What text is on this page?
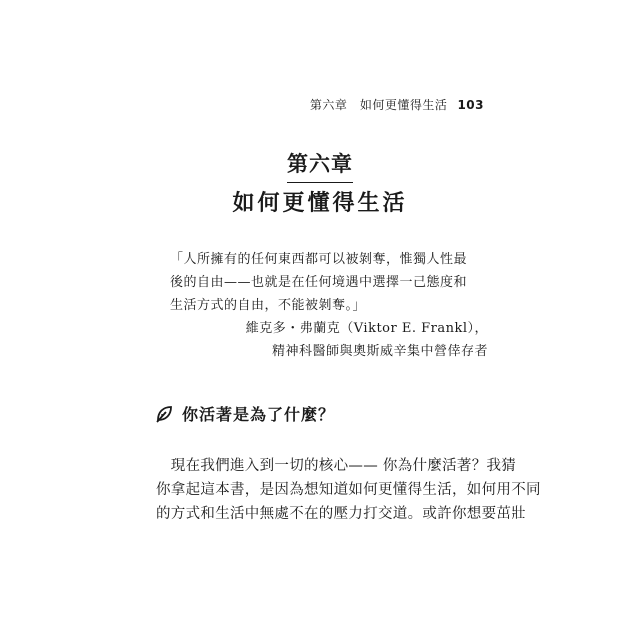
第六章　如何更懂得生活 103
第六章
如何更懂得生活
「人所擁有的任何東西都可以被剝奪，惟獨人性最
後的自由——也就是在任何境遇中選擇一己態度和
生活方式的自由，不能被剝奪。」
維克多・弗蘭克（Viktor E. Frankl），
精神科醫師與奧斯威辛集中營倖存者
你活著是為了什麼？
　現在我們進入到一切的核心—— 你為什麼活著？我猜
你拿起這本書，是因為想知道如何更懂得生活，如何用不同
的方式和生活中無處不在的壓力打交道。或許你想要茁壯
